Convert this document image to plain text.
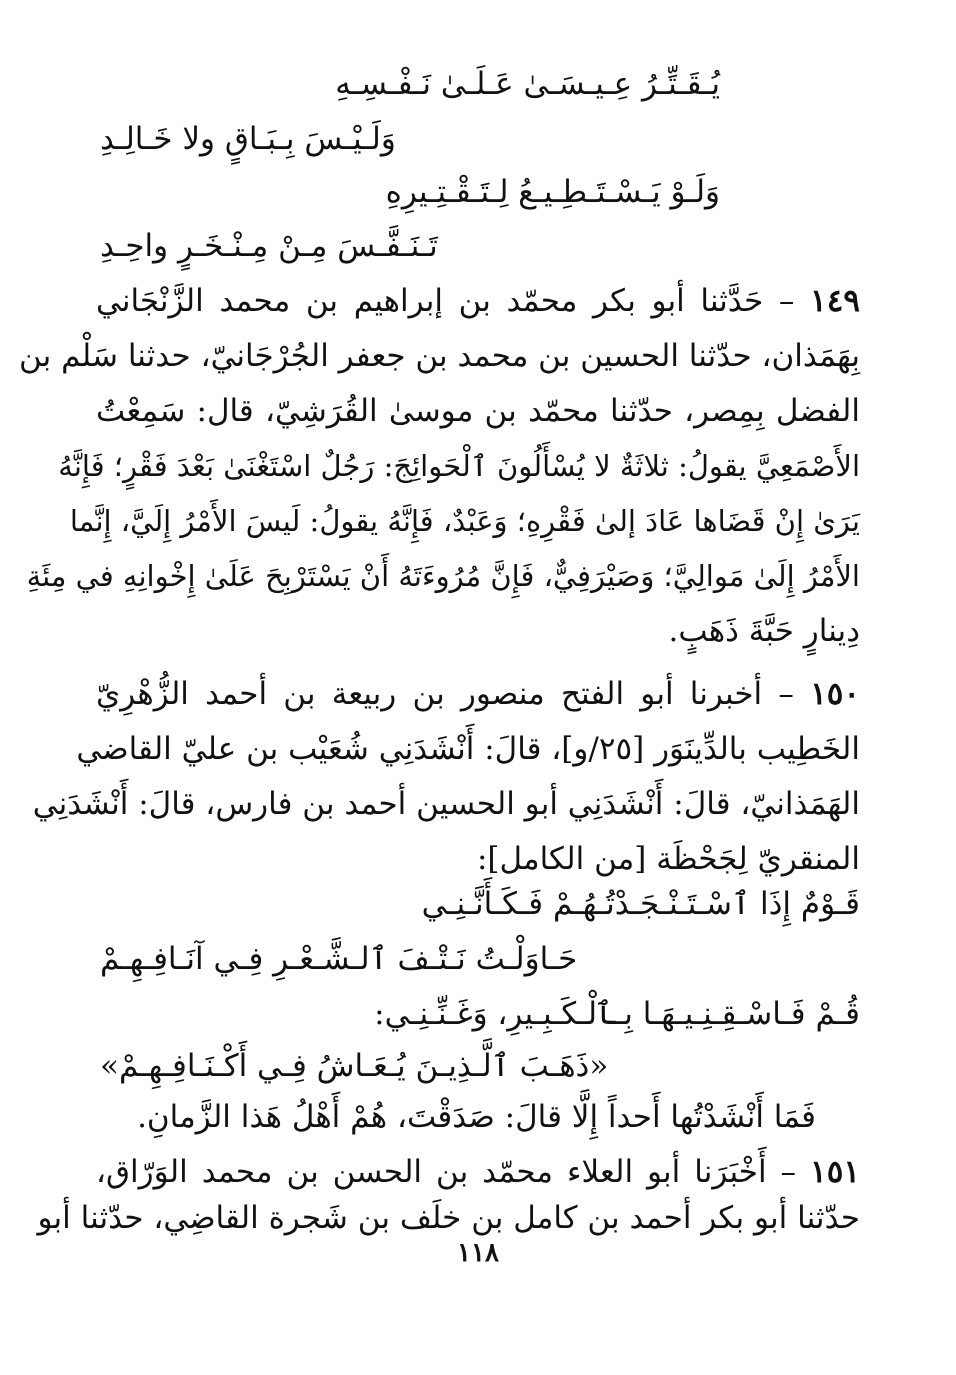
يُـقَـتِّـرُ عِـيـسَـىٰ عَـلَـىٰ نَـفْـسِـهِ
وَلَـيْـسَ بِـبَـاقٍ ولا خَـالِـدِ
وَلَـوْ يَـسْـتَـطِـيـعُ لِـتَـقْـتِـيرِهِ
تَـنَـفَّـسَ مِـنْ مِـنْـخَـرٍ واحِـدِ
١٤٩ – حَدَّثنا أبو بكر محمّد بن إبراهيم بن محمد الزَّنْجَاني
بِهَمَذان، حدّثنا الحسين بن محمد بن جعفر الجُرْجَانيّ، حدثنا سَلْم بن
الفضل بِمِصر، حدّثنا محمّد بن موسىٰ القُرَشِيّ، قال: سَمِعْتُ
الأَصْمَعِيَّ يقولُ: ثلاثَةٌ لا يُسْأَلُونَ ٱلْحَوائِجَ: رَجُلٌ اسْتَغْنَىٰ بَعْدَ فَقْرٍ؛ فَإِنَّهُ
يَرَىٰ إِنْ قَضَاها عَادَ إلىٰ فَقْرِهِ؛ وَعَبْدٌ، فَإِنَّهُ يقولُ: لَيسَ الأَمْرُ إِلَيَّ، إِنَّما
الأَمْرُ إِلَىٰ مَوالِيَّ؛ وَصَيْرَفِيٌّ، فَإِنَّ مُرُوءَتَهُ أَنْ يَسْتَرْبِحَ عَلَىٰ إِخْوانِهِ في مِئَةِ
دِينارٍ حَبَّةَ ذَهَبٍ.
١٥٠ – أخبرنا أبو الفتح منصور بن ربيعة بن أحمد الزُّهْرِيّ
الخَطِيب بالدِّينَوَر [٢٥/و]، قالَ: أَنْشَدَنِي شُعَيْب بن عليّ القاضي
الهَمَذانيّ، قالَ: أَنْشَدَنِي أبو الحسين أحمد بن فارس، قالَ: أَنْشَدَنِي
المنقريّ لِجَحْظَة [من الكامل]:
قَـوْمٌ إِذَا ٱسْـتَـنْـجَـدْتُـهُـمْ فَـكَـأَنَّـنِـي
حَـاوَلْـتُ نَـتْـفَ ٱلـشَّـعْـرِ فِـي آنَـافِـهِـمْ
قُـمْ فَـاسْـقِـنِـيـهَـا بِـٱلْـكَـبِـيرِ، وَغَـنِّـنِـي:
«ذَهَـبَ ٱلَّـذِيـنَ يُـعَـاشُ فِـي أَكْـنَـافِـهِـمْ»
فَمَا أَنْشَدْتُها أَحداً إِلَّا قالَ: صَدَقْتَ، هُمْ أَهْلُ هَذا الزَّمانِ.
١٥١ – أَخْبَرَنا أبو العلاء محمّد بن الحسن بن محمد الوَرّاق،
حدّثنا أبو بكر أحمد بن كامل بن خلَف بن شَجرة القاضِي، حدّثنا أبو
١١٨
